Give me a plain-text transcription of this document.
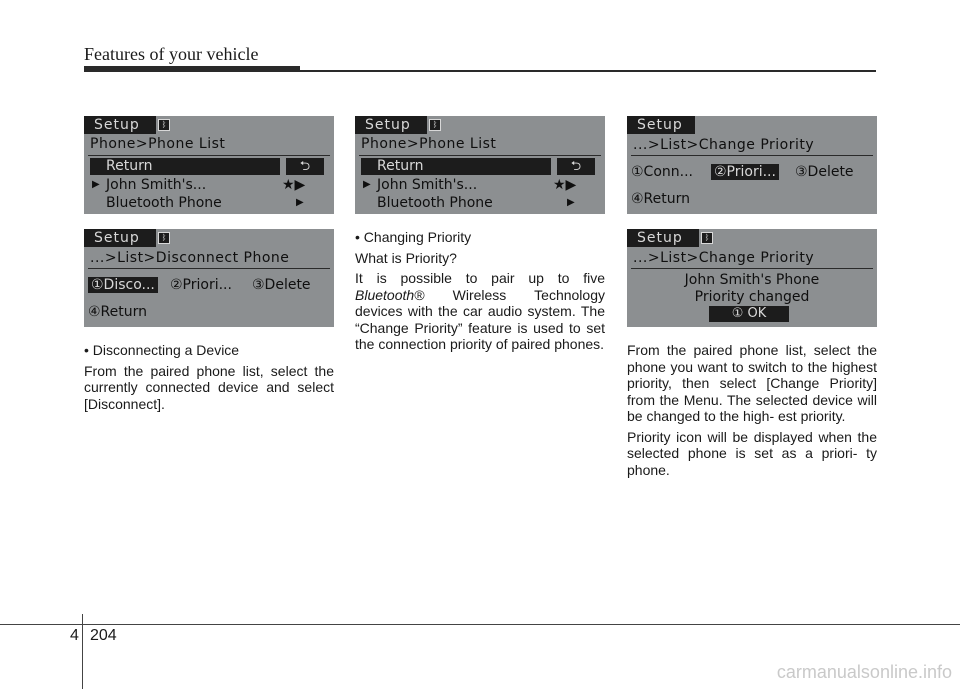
Features of your vehicle
Setup	ᛒ
Phone>Phone List
Return	⮌
▶ John Smith's...	★▶
Bluetooth Phone	▶
Setup	ᛒ
Phone>Phone List
Return	⮌
▶ John Smith's...	★▶
Bluetooth Phone	▶
Setup
...>List>Change Priority
①Conn... ②Priori... ③Delete
④Return
Setup	ᛒ
...>List>Disconnect Phone
①Disco... ②Priori... ③Delete
④Return
Setup	ᛒ
...>List>Change Priority
John Smith's Phone
Priority changed
① OK

• Disconnecting a Device

From the paired phone list, select the currently connected device and select [Disconnect].

• Changing Priority

What is Priority?

It is possible to pair up to five Bluetooth® Wireless Technology devices with the car audio system. The “Change Priority” feature is used to set the connection priority of paired phones. From the paired phone list, select the phone you want to switch to the highest priority, then select [Change Priority] from the Menu. The selected device will be changed to the high- est priority.

Priority icon will be displayed when the selected phone is set as a priori- ty phone.

4 204
carmanualsonline.info
